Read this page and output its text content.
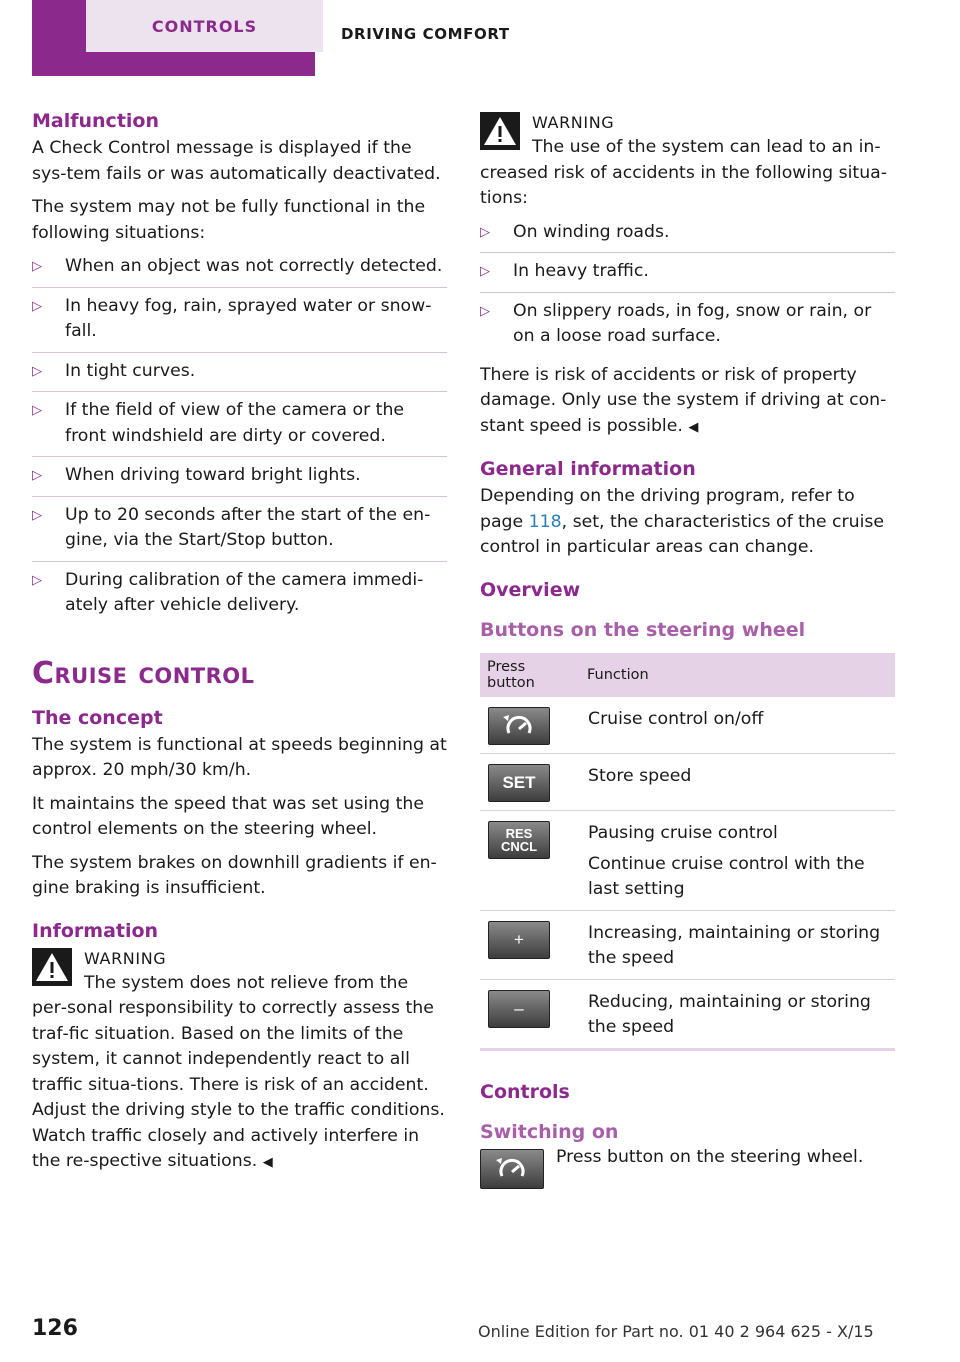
CONTROLS	DRIVING COMFORT
Malfunction

A Check Control message is displayed if the sys‐tem fails or was automatically deactivated.

The system may not be fully functional in the following situations:

▷ When an object was not correctly detected.
▷ In heavy fog, rain, sprayed water or snow‐fall.
▷ In tight curves.
▷ If the field of view of the camera or the front windshield are dirty or covered.
▷ When driving toward bright lights.
▷ Up to 20 seconds after the start of the en‐gine, via the Start/Stop button.
▷ During calibration of the camera immedi‐ately after vehicle delivery.
Cruise control
The concept

The system is functional at speeds beginning at approx. 20 mph/30 km/h.

It maintains the speed that was set using the control elements on the steering wheel.

The system brakes on downhill gradients if en‐gine braking is insufficient.

Information

WARNING

The system does not relieve from the per‐sonal responsibility to correctly assess the traf‐fic situation. Based on the limits of the system, it cannot independently react to all traffic situa‐tions. There is risk of an accident. Adjust the driving style to the traffic conditions. Watch traffic closely and actively interfere in the re‐spective situations. ◀

WARNING

The use of the system can lead to an in‐creased risk of accidents in the following situa‐tions:

▷ On winding roads.
▷ In heavy traffic.
▷ On slippery roads, in fog, snow or rain, or on a loose road surface.

There is risk of accidents or risk of property damage. Only use the system if driving at con‐stant speed is possible. ◀

General information

Depending on the driving program, refer to page 118, set, the characteristics of the cruise control in particular areas can change.

Overview
Buttons on the steering wheel
Press button	Function

	Cruise control on/off

SET	Store speed

RES CNCL	Pausing cruise control
Continue cruise control with the last setting

+	Increasing, maintaining or storing the speed

–	Reducing, maintaining or storing the speed
Controls
Switching on

Press button on the steering wheel.

126	Online Edition for Part no. 01 40 2 964 625 - X/15
